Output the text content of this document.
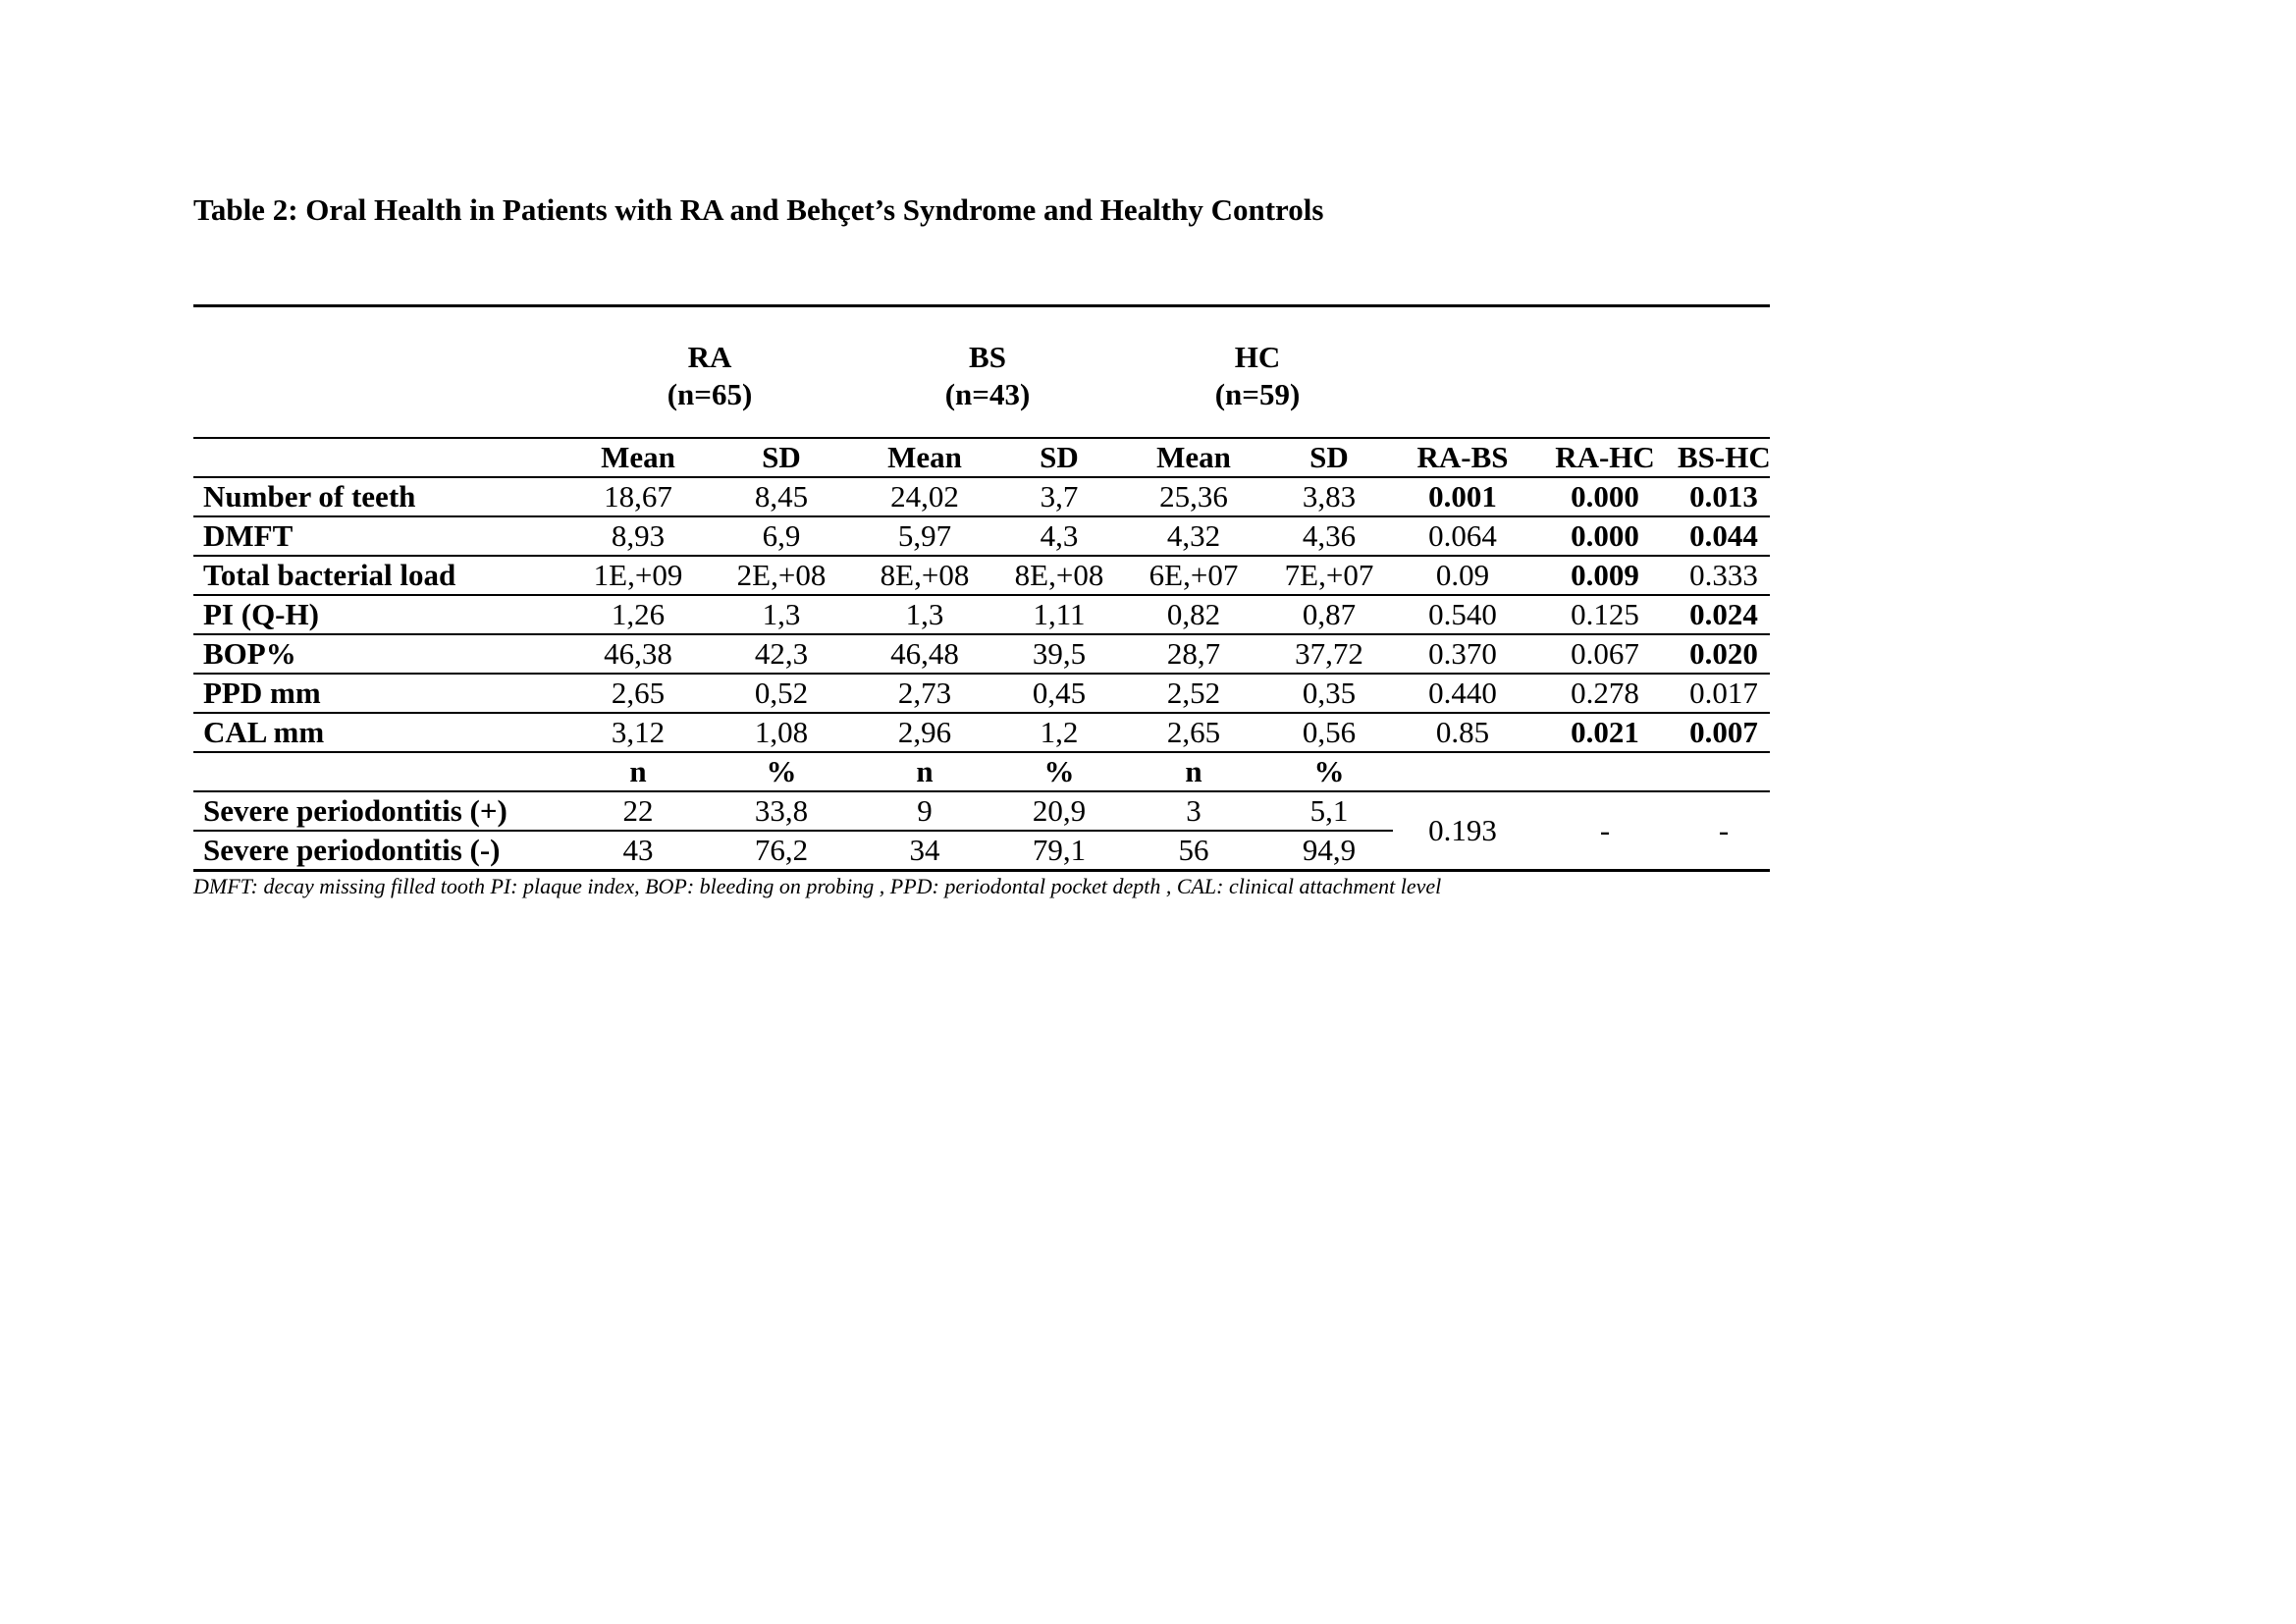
Table 2: Oral Health in Patients with RA and Behçet’s Syndrome and Healthy Controls
	RA
(n=65)		BS
(n=43)		HC
(n=59)				
	Mean	SD	Mean	SD	Mean	SD	RA-BS	RA-HC	BS-HC
Number of teeth	18,67	8,45	24,02	3,7	25,36	3,83	0.001	0.000	0.013
DMFT	8,93	6,9	5,97	4,3	4,32	4,36	0.064	0.000	0.044
Total bacterial load	1E,+09	2E,+08	8E,+08	8E,+08	6E,+07	7E,+07	0.09	0.009	0.333
PI (Q-H)	1,26	1,3	1,3	1,11	0,82	0,87	0.540	0.125	0.024
BOP%	46,38	42,3	46,48	39,5	28,7	37,72	0.370	0.067	0.020
PPD mm	2,65	0,52	2,73	0,45	2,52	0,35	0.440	0.278	0.017
CAL mm	3,12	1,08	2,96	1,2	2,65	0,56	0.85	0.021	0.007
	n	%	n	%	n	%			
Severe periodontitis (+)	22	33,8	9	20,9	3	5,1	0.193	-	-
Severe periodontitis (-)	43	76,2	34	79,1	56	94,9			
DMFT: decay missing filled tooth PI: plaque index, BOP: bleeding on probing , PPD: periodontal pocket depth , CAL: clinical attachment level
